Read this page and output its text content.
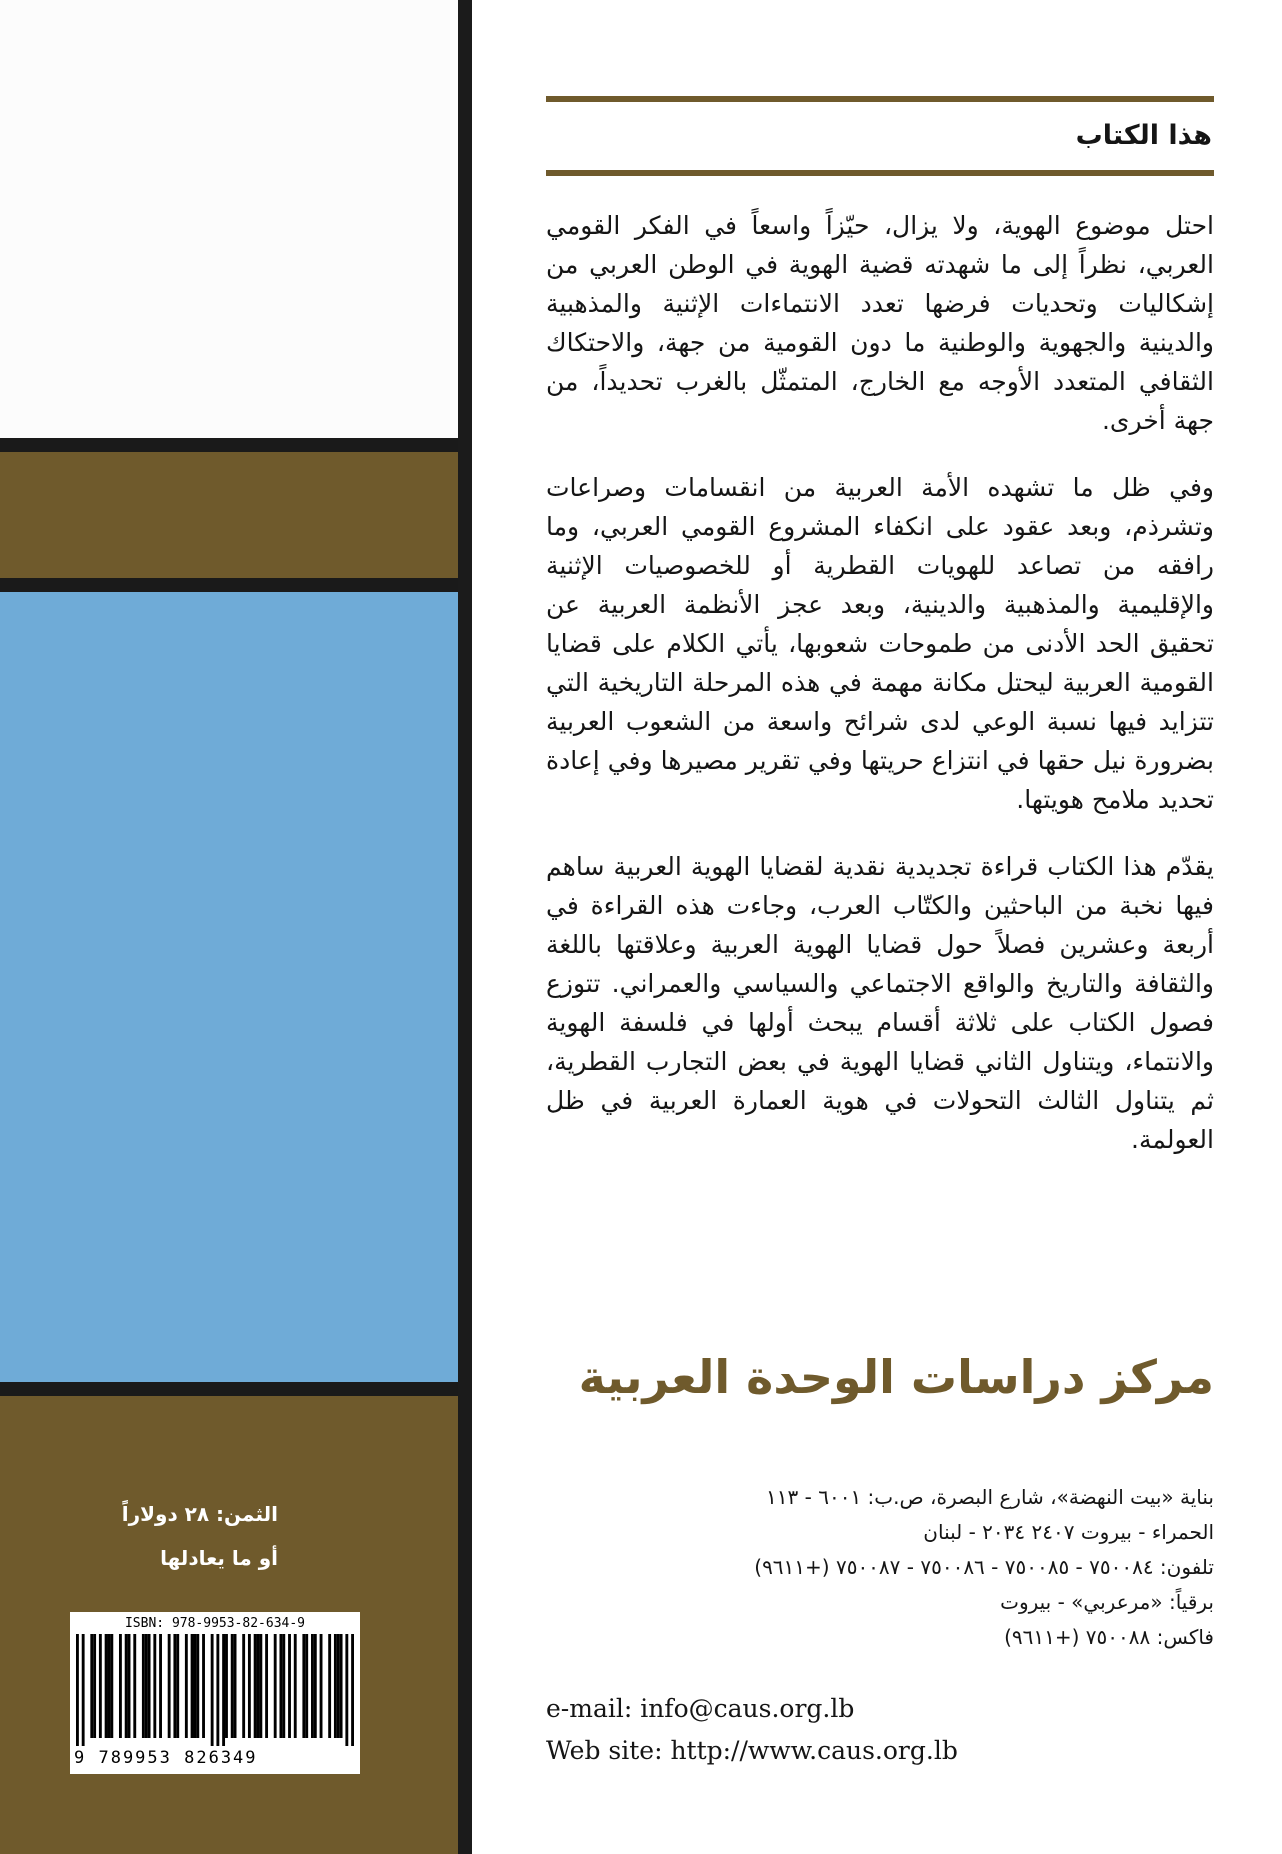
الثمن: ٢٨ دولاراً
أو ما يعادلها
ISBN: 978-9953-82-634-9
9 789953 826349
هذا الكتاب

احتل موضوع الهوية، ولا يزال، حيّزاً واسعاً في الفكر القومي العربي، نظراً إلى ما شهدته قضية الهوية في الوطن العربي من إشكاليات وتحديات فرضها تعدد الانتماءات الإثنية والمذهبية والدينية والجهوية والوطنية ما دون القومية من جهة، والاحتكاك الثقافي المتعدد الأوجه مع الخارج، المتمثّل بالغرب تحديداً، من جهة أخرى.

وفي ظل ما تشهده الأمة العربية من انقسامات وصراعات وتشرذم، وبعد عقود على انكفاء المشروع القومي العربي، وما رافقه من تصاعد للهويات القطرية أو للخصوصيات الإثنية والإقليمية والمذهبية والدينية، وبعد عجز الأنظمة العربية عن تحقيق الحد الأدنى من طموحات شعوبها، يأتي الكلام على قضايا القومية العربية ليحتل مكانة مهمة في هذه المرحلة التاريخية التي تتزايد فيها نسبة الوعي لدى شرائح واسعة من الشعوب العربية بضرورة نيل حقها في انتزاع حريتها وفي تقرير مصيرها وفي إعادة تحديد ملامح هويتها.

يقدّم هذا الكتاب قراءة تجديدية نقدية لقضايا الهوية العربية ساهم فيها نخبة من الباحثين والكتّاب العرب، وجاءت هذه القراءة في أربعة وعشرين فصلاً حول قضايا الهوية العربية وعلاقتها باللغة والثقافة والتاريخ والواقع الاجتماعي والسياسي والعمراني. تتوزع فصول الكتاب على ثلاثة أقسام يبحث أولها في فلسفة الهوية والانتماء، ويتناول الثاني قضايا الهوية في بعض التجارب القطرية، ثم يتناول الثالث التحولات في هوية العمارة العربية في ظل العولمة.

مركز دراسات الوحدة العربية
بناية «بيت النهضة»، شارع البصرة، ص.ب: ٦٠٠١ - ١١٣
الحمراء - بيروت ٢٤٠٧ ٢٠٣٤ - لبنان
تلفون: ٧٥٠٠٨٤ - ٧٥٠٠٨٥ - ٧٥٠٠٨٦ - ٧٥٠٠٨٧ (+٩٦١١)
برقياً: «مرعربي» - بيروت
فاكس: ٧٥٠٠٨٨ (+٩٦١١)
e-mail: info@caus.org.lb
Web site: http://www.caus.org.lb
